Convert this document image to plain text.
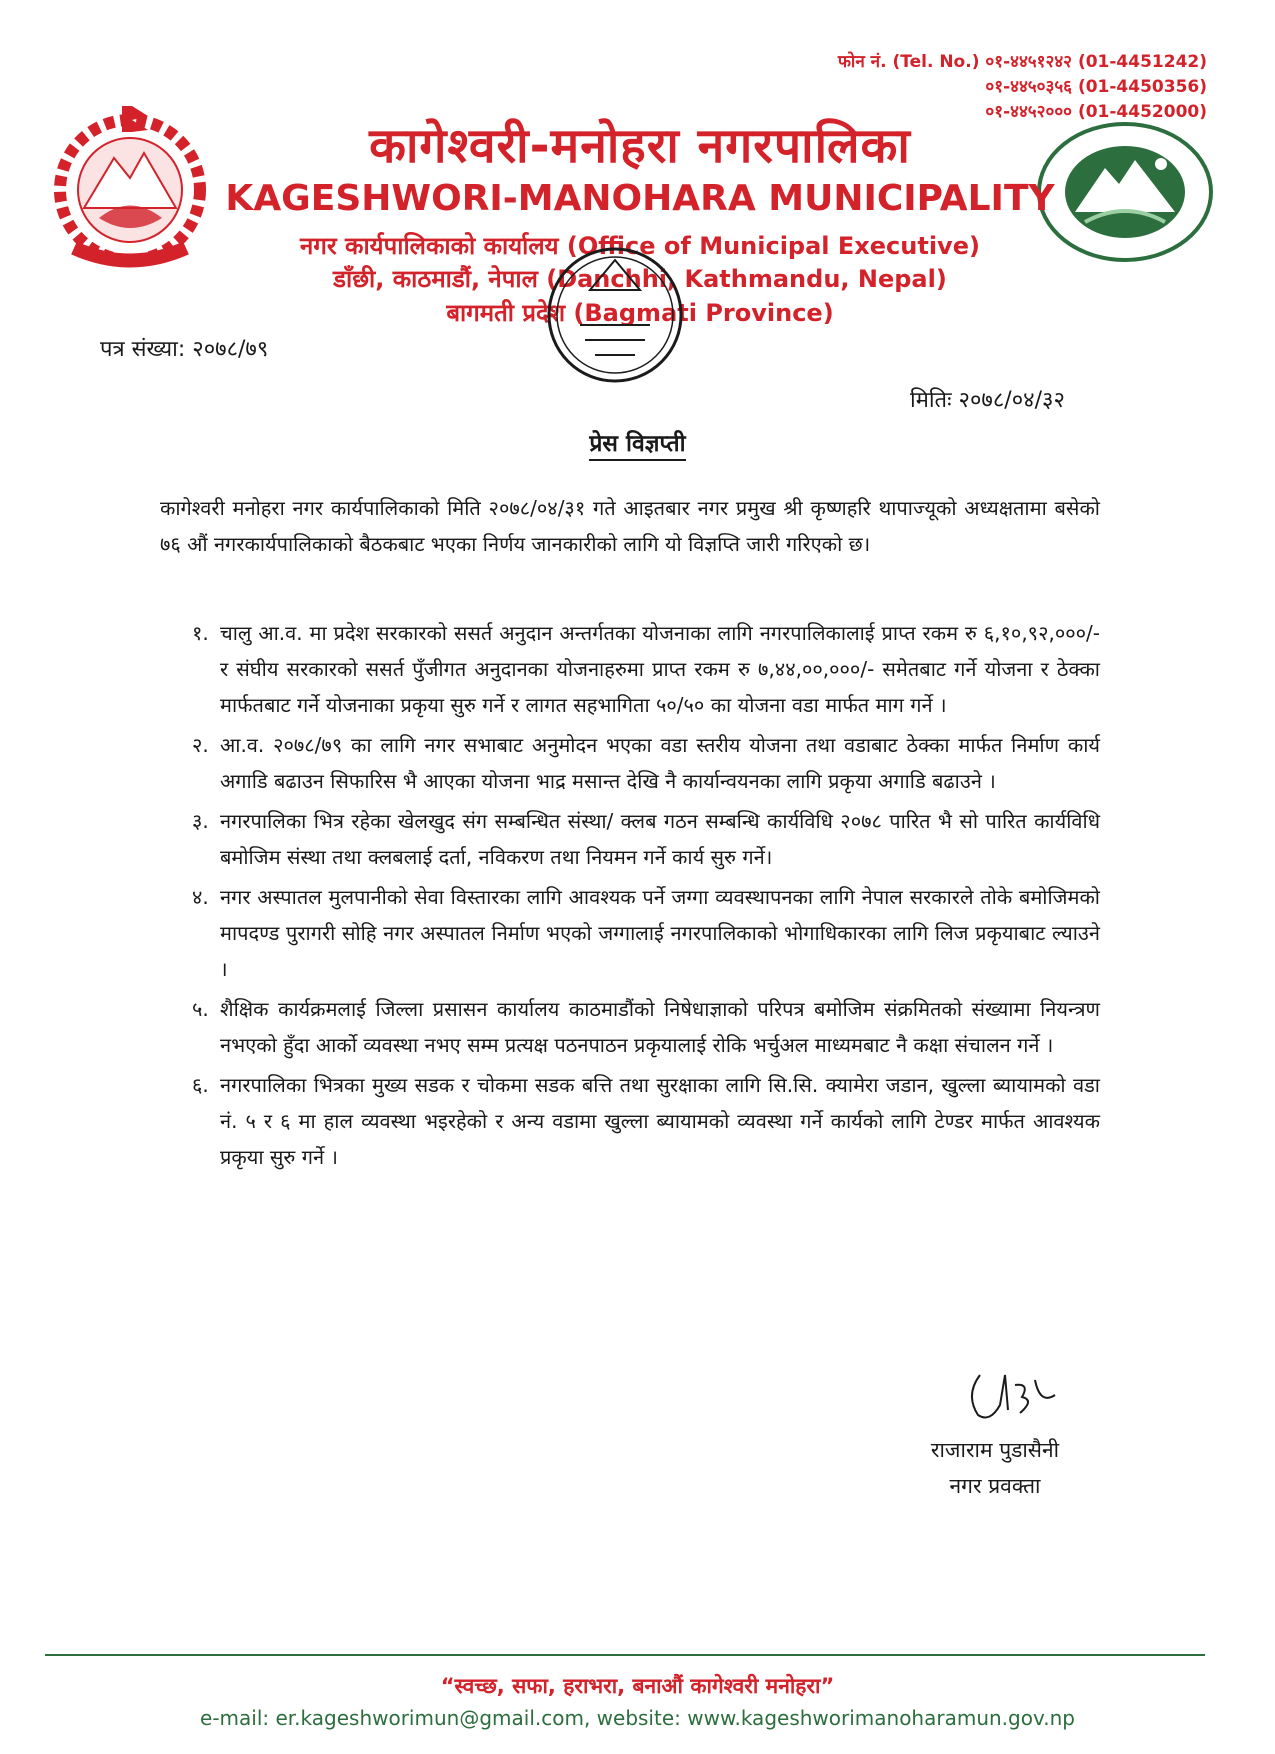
फोन नं. (Tel. No.) ०१-४४५१२४२ (01-4451242)
०१-४४५०३५६ (01-4450356)
०१-४४५२००० (01-4452000)
कागेश्वरी-मनोहरा नगरपालिका
KAGESHWORI-MANOHARA MUNICIPALITY
नगर कार्यपालिकाको कार्यालय (Office of Municipal Executive)
डाँछी, काठमाडौं, नेपाल (Danchhi, Kathmandu, Nepal)
बागमती प्रदेश (Bagmati Province)
पत्र संख्या: २०७८/७९
मितिः २०७८/०४/३२
प्रेस विज्ञप्ती
कागेश्वरी मनोहरा नगर कार्यपालिकाको मिति २०७८/०४/३१ गते आइतबार नगर प्रमुख श्री कृष्णहरि थापाज्यूको अध्यक्षतामा बसेको ७६ औं नगरकार्यपालिकाको बैठकबाट भएका निर्णय जानकारीको लागि यो विज्ञप्ति जारी गरिएको छ।
१. चालु आ.व. मा प्रदेश सरकारको ससर्त अनुदान अन्तर्गतका योजनाका लागि नगरपालिकालाई प्राप्त रकम रु ६,१०,९२,०००/- र संघीय सरकारको ससर्त पुँजीगत अनुदानका योजनाहरुमा प्राप्त रकम रु ७,४४,००,०००/- समेतबाट गर्ने योजना र ठेक्का मार्फतबाट गर्ने योजनाका प्रकृया सुरु गर्ने र लागत सहभागिता ५०/५० का योजना वडा मार्फत माग गर्ने ।
२. आ.व. २०७८/७९ का लागि नगर सभाबाट अनुमोदन भएका वडा स्तरीय योजना तथा वडाबाट ठेक्का मार्फत निर्माण कार्य अगाडि बढाउन सिफारिस भै आएका योजना भाद्र मसान्त देखि नै कार्यान्वयनका लागि प्रकृया अगाडि बढाउने ।
३. नगरपालिका भित्र रहेका खेलखुद संग सम्बन्धित संस्था/ क्लब गठन सम्बन्धि कार्यविधि २०७८ पारित भै सो पारित कार्यविधि बमोजिम संस्था तथा क्लबलाई दर्ता, नविकरण तथा नियमन गर्ने कार्य सुरु गर्ने।
४. नगर अस्पातल मुलपानीको सेवा विस्तारका लागि आवश्यक पर्ने जग्गा व्यवस्थापनका लागि नेपाल सरकारले तोके बमोजिमको मापदण्ड पुरागरी सोहि नगर अस्पातल निर्माण भएको जग्गालाई नगरपालिकाको भोगाधिकारका लागि लिज प्रकृयाबाट ल्याउने ।
५. शैक्षिक कार्यक्रमलाई जिल्ला प्रसासन कार्यालय काठमाडौंको निषेधाज्ञाको परिपत्र बमोजिम संक्रमितको संख्यामा नियन्त्रण नभएको हुँदा आर्को व्यवस्था नभए सम्म प्रत्यक्ष पठनपाठन प्रकृयालाई रोकि भर्चुअल माध्यमबाट नै कक्षा संचालन गर्ने ।
६. नगरपालिका भित्रका मुख्य सडक र चोकमा सडक बत्ति तथा सुरक्षाका लागि सि.सि. क्यामेरा जडान, खुल्ला ब्यायामको वडा नं. ५ र ६ मा हाल व्यवस्था भइरहेको र अन्य वडामा खुल्ला ब्यायामको व्यवस्था गर्ने कार्यको लागि टेण्डर मार्फत आवश्यक प्रकृया सुरु गर्ने ।
राजाराम पुडासैनी
नगर प्रवक्ता
“स्वच्छ, सफा, हराभरा, बनाऔं कागेश्वरी मनोहरा”
e-mail: er.kageshworimun@gmail.com, website: www.kageshworimanoharamun.gov.np
